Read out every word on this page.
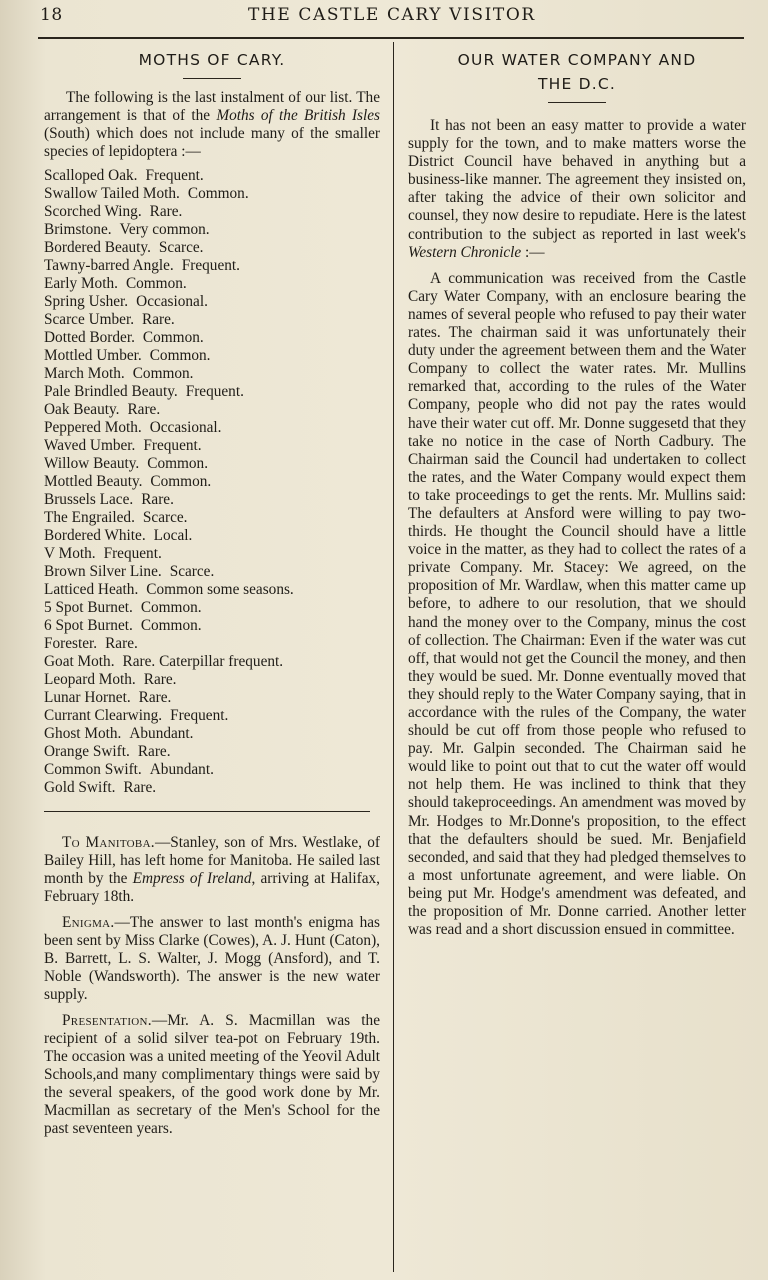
18	THE CASTLE CARY VISITOR
MOTHS OF CARY.

The following is the last instalment of our list. The arrangement is that of the Moths of the British Isles (South) which does not include many of the smaller species of lepidoptera :—

Scalloped Oak. Frequent.
Swallow Tailed Moth. Common.
Scorched Wing. Rare.
Brimstone. Very common.
Bordered Beauty. Scarce.
Tawny-barred Angle. Frequent.
Early Moth. Common.
Spring Usher. Occasional.
Scarce Umber. Rare.
Dotted Border. Common.
Mottled Umber. Common.
March Moth. Common.
Pale Brindled Beauty. Frequent.
Oak Beauty. Rare.
Peppered Moth. Occasional.
Waved Umber. Frequent.
Willow Beauty. Common.
Mottled Beauty. Common.
Brussels Lace. Rare.
The Engrailed. Scarce.
Bordered White. Local.
V Moth. Frequent.
Brown Silver Line. Scarce.
Latticed Heath. Common some seasons.
5 Spot Burnet. Common.
6 Spot Burnet. Common.
Forester. Rare.
Goat Moth. Rare. Caterpillar frequent.
Leopard Moth. Rare.
Lunar Hornet. Rare.
Currant Clearwing. Frequent.
Ghost Moth. Abundant.
Orange Swift. Rare.
Common Swift. Abundant.
Gold Swift. Rare.

To Manitoba.—Stanley, son of Mrs. Westlake, of Bailey Hill, has left home for Manitoba. He sailed last month by the Empress of Ireland, arriving at Halifax, February 18th.

Enigma.—The answer to last month's enigma has been sent by Miss Clarke (Cowes), A. J. Hunt (Caton), B. Barrett, L. S. Walter, J. Mogg (Ansford), and T. Noble (Wandsworth). The answer is the new water supply.

Presentation.—Mr. A. S. Macmillan was the recipient of a solid silver tea-pot on February 19th. The occasion was a united meeting of the Yeovil Adult Schools,and many complimentary things were said by the several speakers, of the good work done by Mr. Macmillan as secretary of the Men's School for the past seventeen years.

OUR WATER COMPANY AND
THE D.C.

It has not been an easy matter to provide a water supply for the town, and to make matters worse the District Council have behaved in anything but a business-like manner. The agreement they insisted on, after taking the advice of their own solicitor and counsel, they now desire to repudiate. Here is the latest contribution to the subject as reported in last week's Western Chronicle :—

A communication was received from the Castle Cary Water Company, with an enclosure bearing the names of several people who refused to pay their water rates. The chairman said it was unfortunately their duty under the agreement between them and the Water Company to collect the water rates. Mr. Mullins remarked that, according to the rules of the Water Company, people who did not pay the rates would have their water cut off. Mr. Donne suggesetd that they take no notice in the case of North Cadbury. The Chairman said the Council had undertaken to collect the rates, and the Water Company would expect them to take proceedings to get the rents. Mr. Mullins said: The defaulters at Ansford were willing to pay two-thirds. He thought the Council should have a little voice in the matter, as they had to collect the rates of a private Company. Mr. Stacey: We agreed, on the proposition of Mr. Wardlaw, when this matter came up before, to adhere to our resolution, that we should hand the money over to the Company, minus the cost of collection. The Chairman: Even if the water was cut off, that would not get the Council the money, and then they would be sued. Mr. Donne eventually moved that they should reply to the Water Company saying, that in accordance with the rules of the Company, the water should be cut off from those people who refused to pay. Mr. Galpin seconded. The Chairman said he would like to point out that to cut the water off would not help them. He was inclined to think that they should takeproceedings. An amendment was moved by Mr. Hodges to Mr.Donne's proposition, to the effect that the defaulters should be sued. Mr. Benjafield seconded, and said that they had pledged themselves to a most unfortunate agreement, and were liable. On being put Mr. Hodge's amendment was defeated, and the proposition of Mr. Donne carried. Another letter was read and a short discussion ensued in committee.
